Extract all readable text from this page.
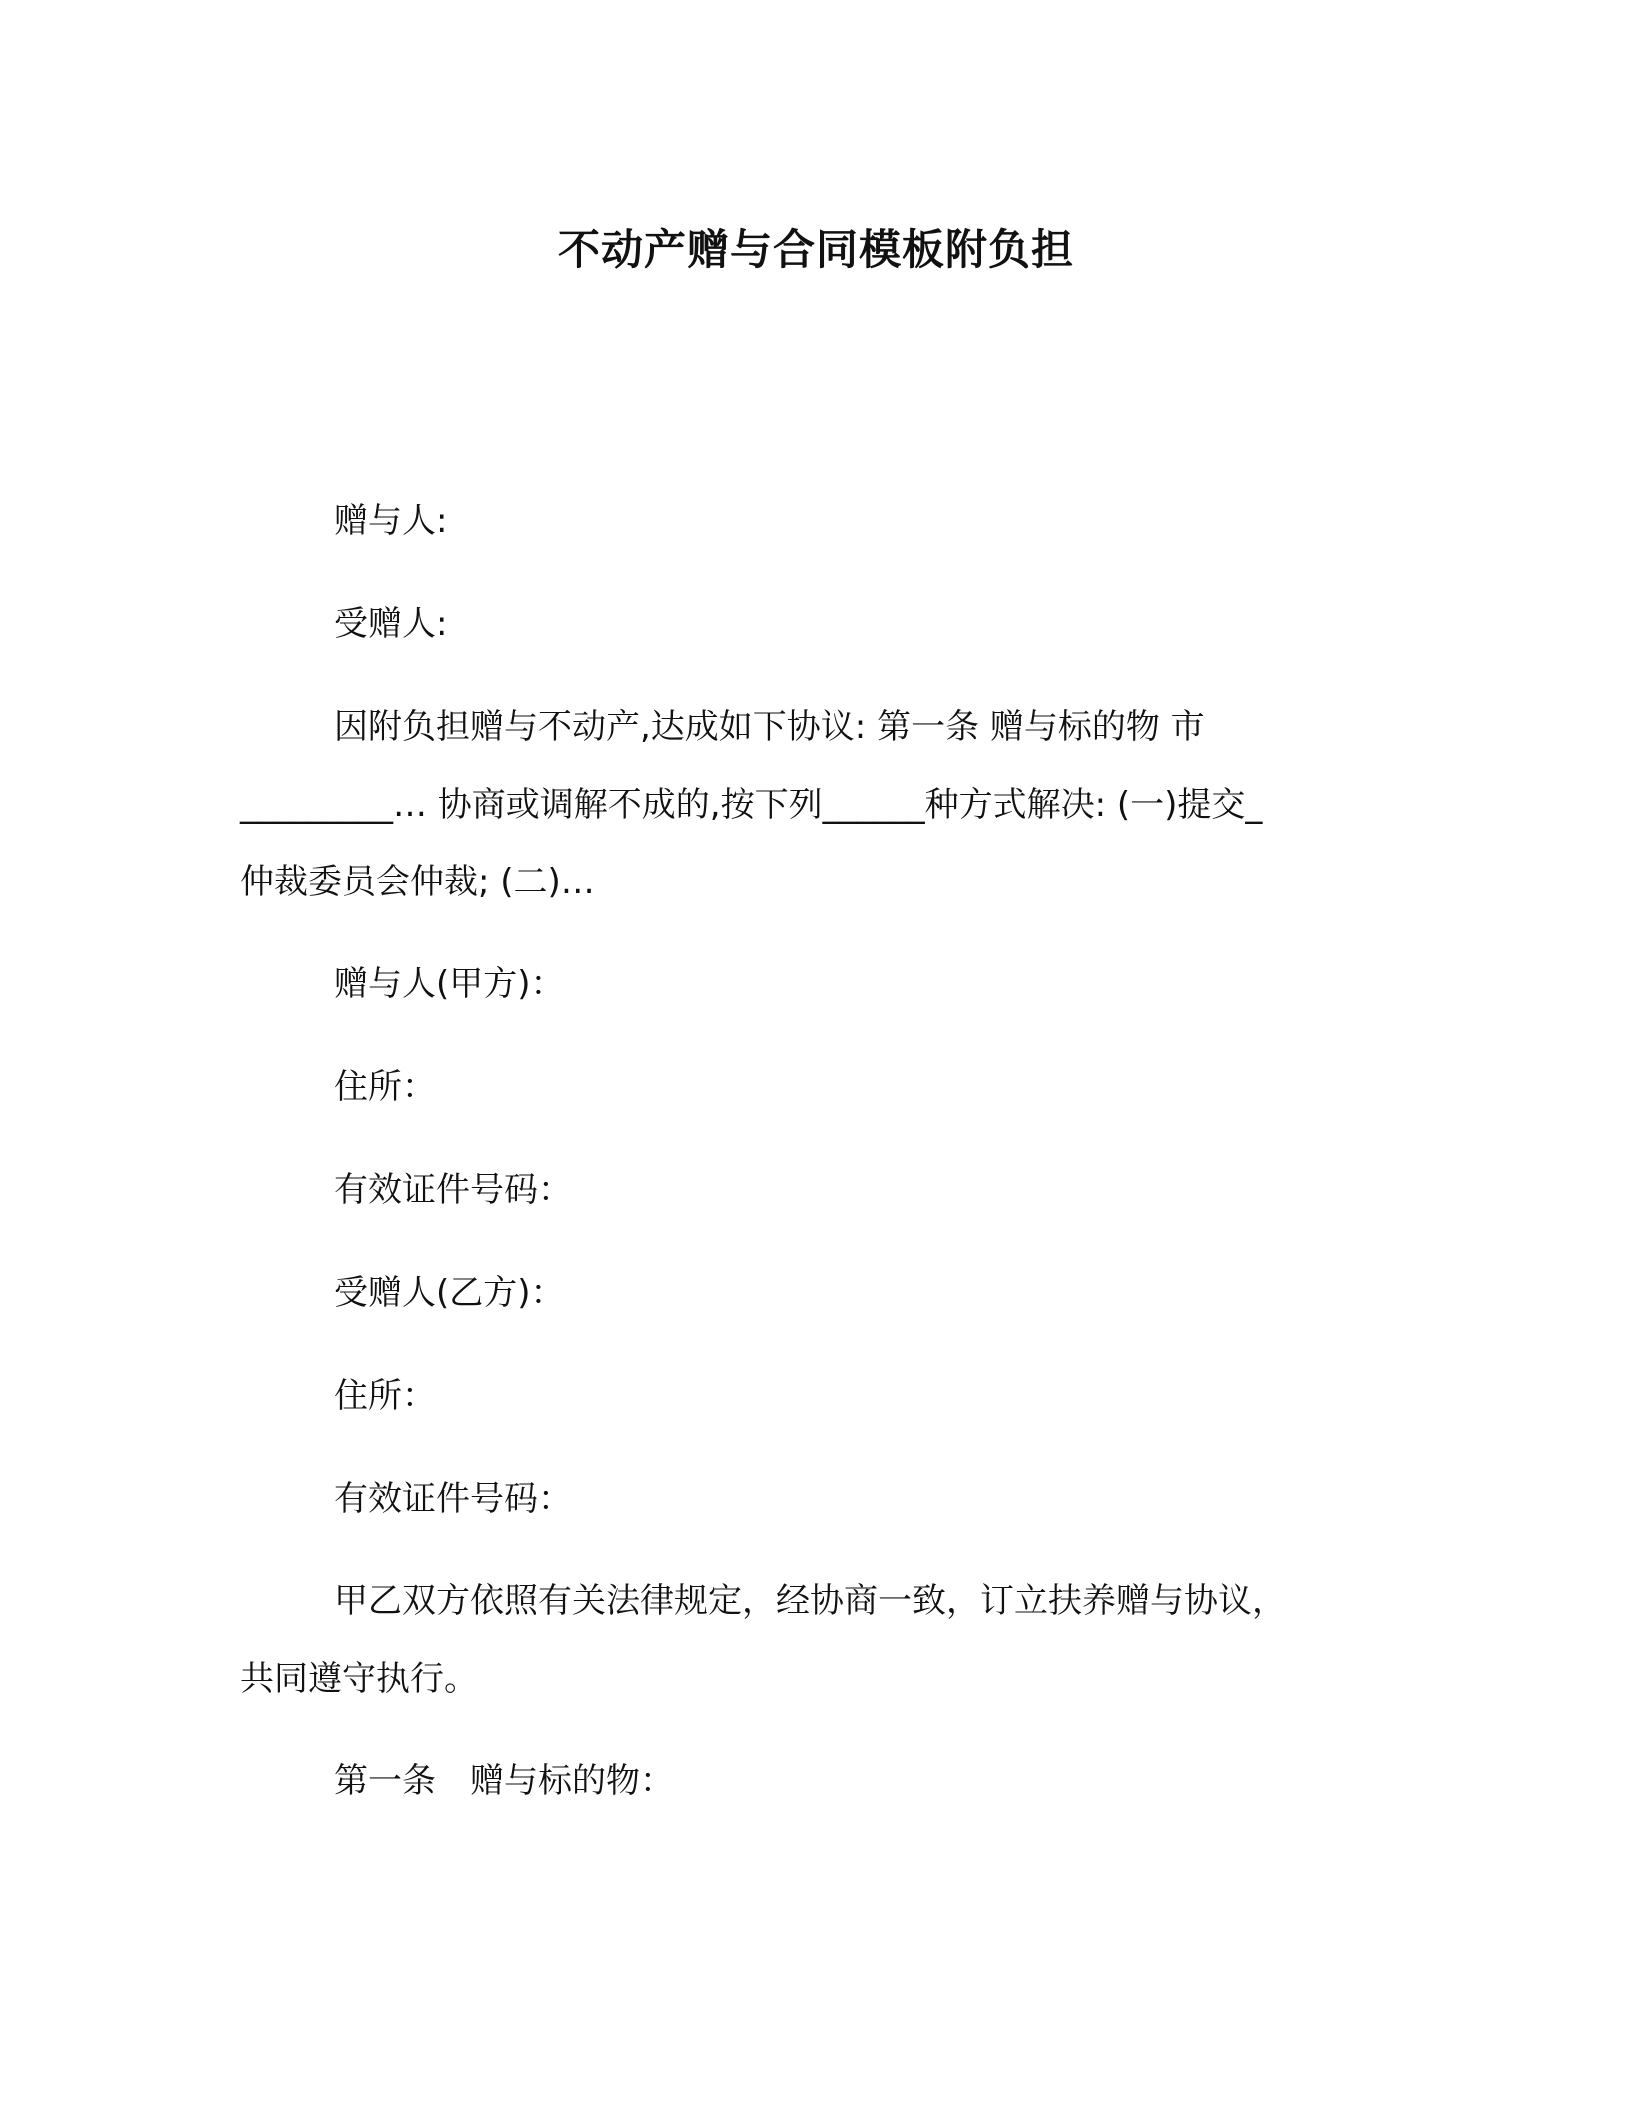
不动产赠与合同模板附负担
赠与人:
受赠人:
因附负担赠与不动产,达成如下协议: 第一条 赠与标的物 市
_________… 协商或调解不成的,按下列______种方式解决: (一)提交_
仲裁委员会仲裁; (二)…
赠与人(甲方)：
住所：
有效证件号码：
受赠人(乙方)：
住所：
有效证件号码：
甲乙双方依照有关法律规定，经协商一致，订立扶养赠与协议，
共同遵守执行。
第一条　赠与标的物：
